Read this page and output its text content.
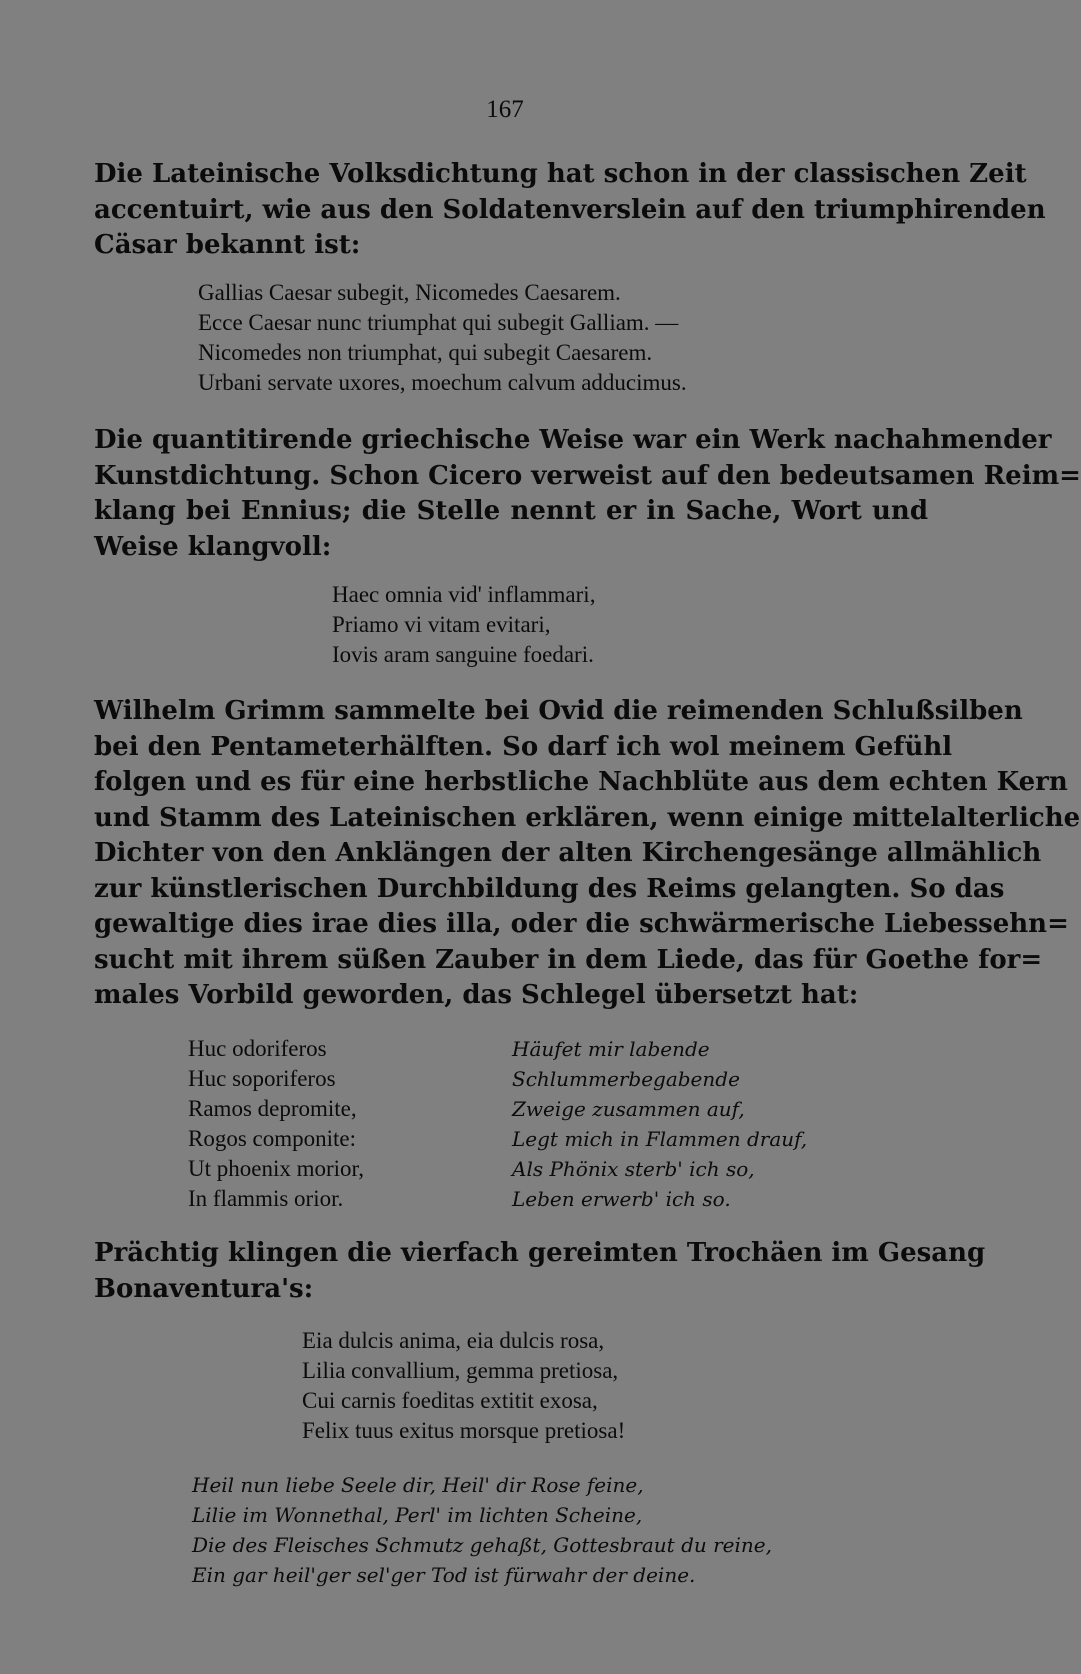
167
Die Lateinische Volksdichtung hat schon in der classischen Zeit
accentuirt, wie aus den Soldatenverslein auf den triumphirenden
Cäsar bekannt ist:
Gallias Caesar subegit, Nicomedes Caesarem.
Ecce Caesar nunc triumphat qui subegit Galliam. —
Nicomedes non triumphat, qui subegit Caesarem.
Urbani servate uxores, moechum calvum adducimus.
Die quantitirende griechische Weise war ein Werk nachahmender
Kunstdichtung. Schon Cicero verweist auf den bedeutsamen Reim=
klang bei Ennius; die Stelle nennt er in Sache, Wort und
Weise klangvoll:
Haec omnia vid' inflammari,
Priamo vi vitam evitari,
Iovis aram sanguine foedari.
Wilhelm Grimm sammelte bei Ovid die reimenden Schlußsilben
bei den Pentameterhälften. So darf ich wol meinem Gefühl
folgen und es für eine herbstliche Nachblüte aus dem echten Kern
und Stamm des Lateinischen erklären, wenn einige mittelalterliche
Dichter von den Anklängen der alten Kirchengesänge allmählich
zur künstlerischen Durchbildung des Reims gelangten. So das
gewaltige dies irae dies illa, oder die schwärmerische Liebessehn=
sucht mit ihrem süßen Zauber in dem Liede, das für Goethe for=
males Vorbild geworden, das Schlegel übersetzt hat:
Huc odoriferos
Huc soporiferos
Ramos depromite,
Rogos componite:
Ut phoenix morior,
In flammis orior.
Häufet mir labende
Schlummerbegabende
Zweige zusammen auf,
Legt mich in Flammen drauf,
Als Phönix sterb' ich so,
Leben erwerb' ich so.
Prächtig klingen die vierfach gereimten Trochäen im Gesang
Bonaventura's:
Eia dulcis anima, eia dulcis rosa,
Lilia convallium, gemma pretiosa,
Cui carnis foeditas extitit exosa,
Felix tuus exitus morsque pretiosa!
Heil nun liebe Seele dir, Heil' dir Rose feine,
Lilie im Wonnethal, Perl' im lichten Scheine,
Die des Fleisches Schmutz gehaßt, Gottesbraut du reine,
Ein gar heil'ger sel'ger Tod ist fürwahr der deine.
